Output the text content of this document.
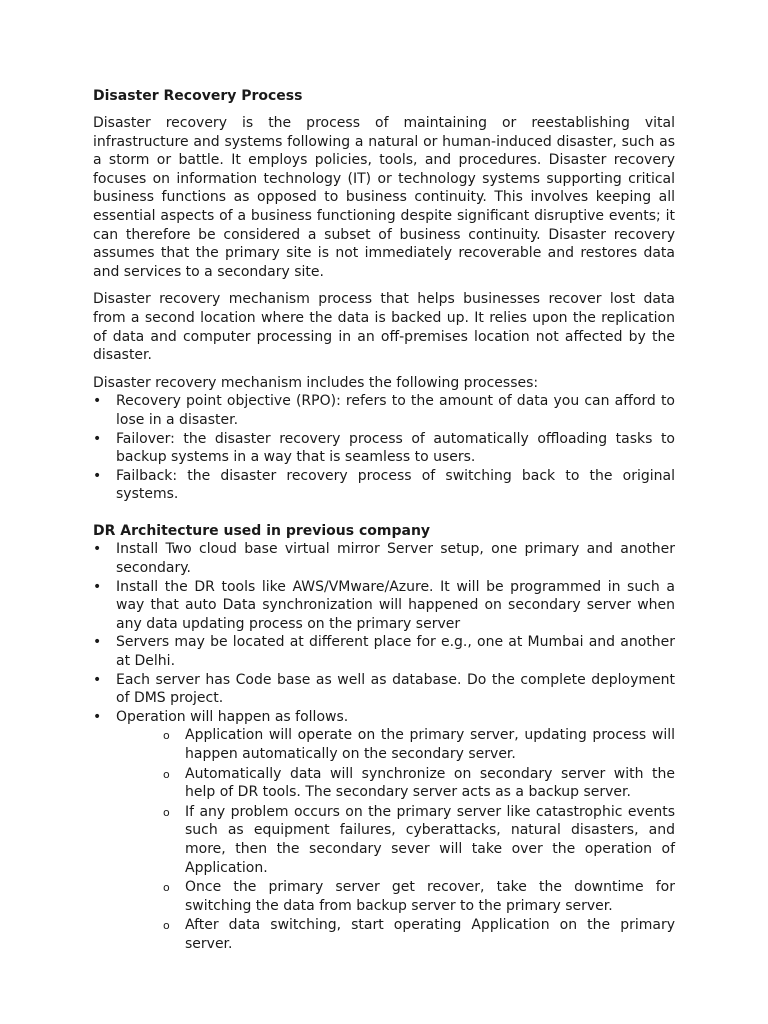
Disaster Recovery Process

Disaster recovery is the process of maintaining or reestablishing vital infrastructure and systems following a natural or human-induced disaster, such as a storm or battle. It employs policies, tools, and procedures. Disaster recovery focuses on information technology (IT) or technology systems supporting critical business functions as opposed to business continuity. This involves keeping all essential aspects of a business functioning despite significant disruptive events; it can therefore be considered a subset of business continuity. Disaster recovery assumes that the primary site is not immediately recoverable and restores data and services to a secondary site.

Disaster recovery mechanism process that helps businesses recover lost data from a second location where the data is backed up. It relies upon the replication of data and computer processing in an off-premises location not affected by the disaster.

Disaster recovery mechanism includes the following processes:

• Recovery point objective (RPO): refers to the amount of data you can afford to lose in a disaster.
• Failover: the disaster recovery process of automatically offloading tasks to backup systems in a way that is seamless to users.
• Failback: the disaster recovery process of switching back to the original systems.
DR Architecture used in previous company
• Install Two cloud base virtual mirror Server setup, one primary and another secondary.
• Install the DR tools like AWS/VMware/Azure. It will be programmed in such a way that auto Data synchronization will happened on secondary server when any data updating process on the primary server
• Servers may be located at different place for e.g., one at Mumbai and another at Delhi.
• Each server has Code base as well as database. Do the complete deployment of DMS project.
• Operation will happen as follows.
o Application will operate on the primary server, updating process will happen automatically on the secondary server.
o Automatically data will synchronize on secondary server with the help of DR tools. The secondary server acts as a backup server.
o If any problem occurs on the primary server like catastrophic events such as equipment failures, cyberattacks, natural disasters, and more, then the secondary sever will take over the operation of Application.
o Once the primary server get recover, take the downtime for switching the data from backup server to the primary server.
o After data switching, start operating Application on the primary server.
